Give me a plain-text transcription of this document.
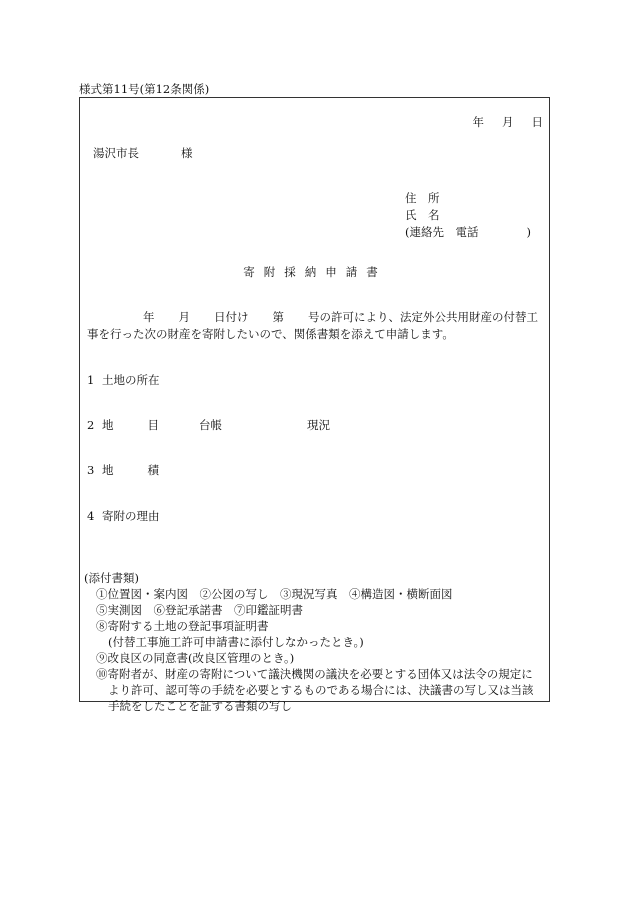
様式第11号(第12条関係)
年 月 日
湯沢市長	様
住　所
氏　名
(連絡先　電話	)
寄附採納申請書
年 月 日付け 第 号の許可により、法定外公共用財産の付替工事を行った次の財産を寄附したいので、関係書類を添えて申請します。
1 土地の所在
2 地	目	台帳	現況
3 地	積
4 寄附の理由
(添付書類)
①位置図・案内図　②公図の写し　③現況写真　④構造図・横断面図
⑤実測図　⑥登記承諾書　⑦印鑑証明書
⑧寄附する土地の登記事項証明書
(付替工事施工許可申請書に添付しなかったとき。)
⑨改良区の同意書(改良区管理のとき。)
⑩寄附者が、財産の寄附について議決機関の議決を必要とする団体又は法令の規定に
より許可、認可等の手続を必要とするものである場合には、決議書の写し又は当該手続をしたことを証する書類の写し
